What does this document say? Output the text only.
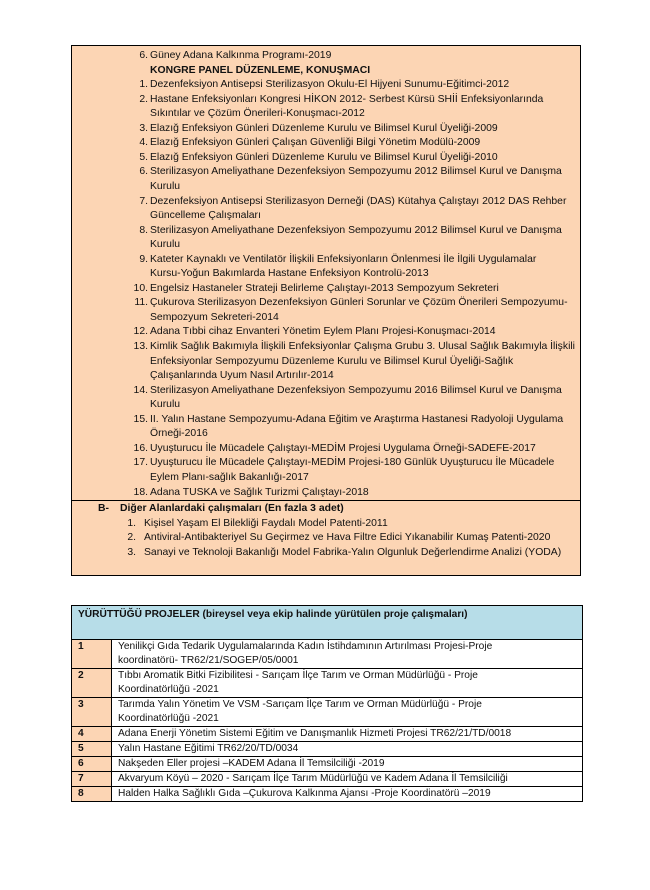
6. Güney Adana Kalkınma Programı-2019
KONGRE PANEL DÜZENLEME, KONUŞMACI
1. Dezenfeksiyon Antisepsi Sterilizasyon Okulu-El Hijyeni Sunumu-Eğitimci-2012
2. Hastane Enfeksiyonları Kongresi HİKON 2012- Serbest Kürsü SHİİ Enfeksiyonlarında
Sıkıntılar ve Çözüm Önerileri-Konuşmacı-2012
3. Elazığ Enfeksiyon Günleri Düzenleme Kurulu ve Bilimsel Kurul Üyeliği-2009
4. Elazığ Enfeksiyon Günleri Çalışan Güvenliği Bilgi Yönetim Modülü-2009
5. Elazığ Enfeksiyon Günleri Düzenleme Kurulu ve Bilimsel Kurul Üyeliği-2010
6. Sterilizasyon Ameliyathane Dezenfeksiyon Sempozyumu 2012 Bilimsel Kurul ve Danışma
Kurulu
7. Dezenfeksiyon Antisepsi Sterilizasyon Derneği (DAS) Kütahya Çalıştayı 2012 DAS Rehber
Güncelleme Çalışmaları
8. Sterilizasyon Ameliyathane Dezenfeksiyon Sempozyumu 2012 Bilimsel Kurul ve Danışma
Kurulu
9. Kateter Kaynaklı ve Ventilatör İlişkili Enfeksiyonların Önlenmesi İle İlgili Uygulamalar
Kursu-Yoğun Bakımlarda Hastane Enfeksiyon Kontrolü-2013
10. Engelsiz Hastaneler Strateji Belirleme Çalıştayı-2013 Sempozyum Sekreteri
11. Çukurova Sterilizasyon Dezenfeksiyon Günleri Sorunlar ve Çözüm Önerileri Sempozyumu-
Sempozyum Sekreteri-2014
12. Adana Tıbbi cihaz Envanteri Yönetim Eylem Planı Projesi-Konuşmacı-2014
13. Kimlik Sağlık Bakımıyla İlişkili Enfeksiyonlar Çalışma Grubu 3. Ulusal Sağlık Bakımıyla İlişkili
Enfeksiyonlar Sempozyumu Düzenleme Kurulu ve Bilimsel Kurul Üyeliği-Sağlık
Çalışanlarında Uyum Nasıl Artırılır-2014
14. Sterilizasyon Ameliyathane Dezenfeksiyon Sempozyumu 2016 Bilimsel Kurul ve Danışma
Kurulu
15. II. Yalın Hastane Sempozyumu-Adana Eğitim ve Araştırma Hastanesi Radyoloji Uygulama
Örneği-2016
16. Uyuşturucu İle Mücadele Çalıştayı-MEDİM Projesi Uygulama Örneği-SADEFE-2017
17. Uyuşturucu İle Mücadele Çalıştayı-MEDİM Projesi-180 Günlük Uyuşturucu İle Mücadele
Eylem Planı-sağlık Bakanlığı-2017
18. Adana TUSKA ve Sağlık Turizmi Çalıştayı-2018
B- Diğer Alanlardaki çalışmaları (En fazla 3 adet)
1. Kişisel Yaşam El Bilekliği Faydalı Model Patenti-2011
2. Antiviral-Antibakteriyel Su Geçirmez ve Hava Filtre Edici Yıkanabilir Kumaş Patenti-2020
3. Sanayi ve Teknoloji Bakanlığı Model Fabrika-Yalın Olgunluk Değerlendirme Analizi (YODA)
YÜRÜTTÜĞÜ PROJELER (bireysel veya ekip halinde yürütülen proje çalışmaları)	
1	Yenilikçi Gıda Tedarik Uygulamalarında Kadın İstihdamının Artırılması Projesi-Proje
koordinatörü- TR62/21/SOGEP/05/0001

2	Tıbbı Aromatik Bitki Fizibilitesi - Sarıçam İlçe Tarım ve Orman Müdürlüğü - Proje
Koordinatörlüğü -2021

3	Tarımda Yalın Yönetim Ve VSM -Sarıçam İlçe Tarım ve Orman Müdürlüğü - Proje
Koordinatörlüğü -2021

4	Adana Enerji Yönetim Sistemi Eğitim ve Danışmanlık Hizmeti Projesi TR62/21/TD/0018

5	Yalın Hastane Eğitimi TR62/20/TD/0034

6	Nakşeden Eller projesi –KADEM Adana İl Temsilciliği -2019

7	Akvaryum Köyü – 2020 - Sarıçam İlçe Tarım Müdürlüğü ve Kadem Adana İl Temsilciliği

8	Halden Halka Sağlıklı Gıda –Çukurova Kalkınma Ajansı -Proje Koordinatörü –2019
